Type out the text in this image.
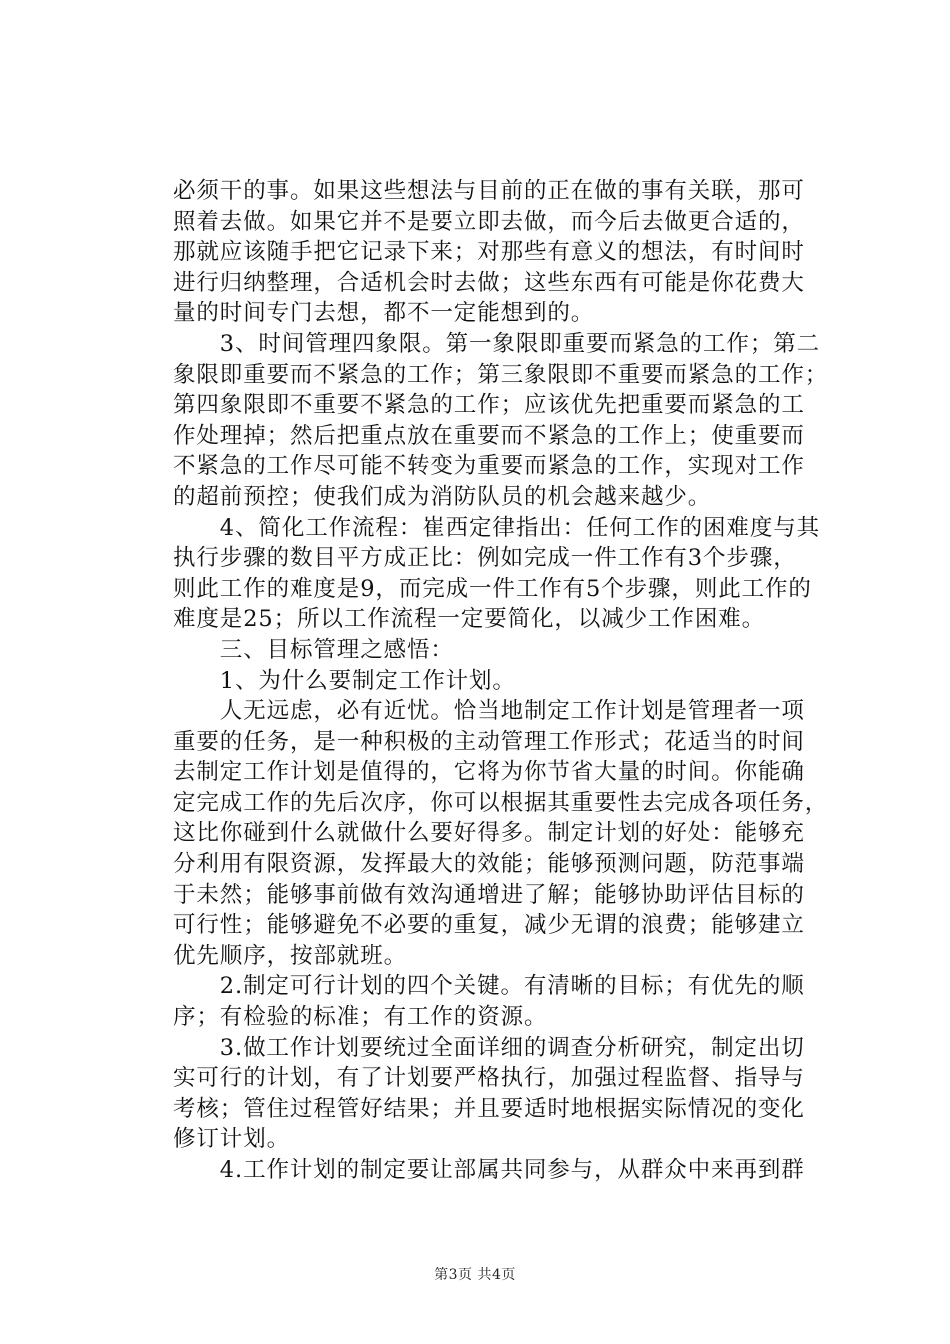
必须干的事。如果这些想法与目前的正在做的事有关联，那可
照着去做。如果它并不是要立即去做，而今后去做更合适的，
那就应该随手把它记录下来；对那些有意义的想法，有时间时
进行归纳整理，合适机会时去做；这些东西有可能是你花费大
量的时间专门去想，都不一定能想到的。
　　3、时间管理四象限。第一象限即重要而紧急的工作；第二
象限即重要而不紧急的工作；第三象限即不重要而紧急的工作；
第四象限即不重要不紧急的工作；应该优先把重要而紧急的工
作处理掉；然后把重点放在重要而不紧急的工作上；使重要而
不紧急的工作尽可能不转变为重要而紧急的工作，实现对工作
的超前预控；使我们成为消防队员的机会越来越少。
　　4、简化工作流程：崔西定律指出：任何工作的困难度与其
执行步骤的数目平方成正比：例如完成一件工作有3个步骤，
则此工作的难度是9，而完成一件工作有5个步骤，则此工作的
难度是25；所以工作流程一定要简化，以减少工作困难。
　　三、目标管理之感悟：
　　1、为什么要制定工作计划。
　　人无远虑，必有近忧。恰当地制定工作计划是管理者一项
重要的任务，是一种积极的主动管理工作形式；花适当的时间
去制定工作计划是值得的，它将为你节省大量的时间。你能确
定完成工作的先后次序，你可以根据其重要性去完成各项任务，
这比你碰到什么就做什么要好得多。制定计划的好处：能够充
分利用有限资源，发挥最大的效能；能够预测问题，防范事端
于未然；能够事前做有效沟通增进了解；能够协助评估目标的
可行性；能够避免不必要的重复，减少无谓的浪费；能够建立
优先顺序，按部就班。
　　2.制定可行计划的四个关键。有清晰的目标；有优先的顺
序；有检验的标准；有工作的资源。
　　3.做工作计划要统过全面详细的调查分析研究，制定出切
实可行的计划，有了计划要严格执行，加强过程监督、指导与
考核；管住过程管好结果；并且要适时地根据实际情况的变化
修订计划。
　　4.工作计划的制定要让部属共同参与，从群众中来再到群
第3页 共4页
